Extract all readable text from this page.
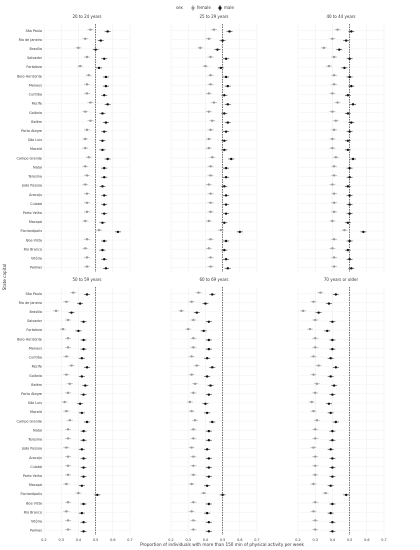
sex	female	male
State capital
Proportion of individuals with more than 150 min of physical activity per week
20 to 24 years
São Paulo
Rio de Janeiro
Brasília
Salvador
Fortaleza
Belo Horizonte
Manaus
Curitiba
Recife
Goiânia
Belém
Porto Alegre
São Luís
Maceió
Campo Grande
Natal
Teresina
João Pessoa
Aracaju
Cuiabá
Porto Velho
Macapá
Florianópolis
Boa Vista
Rio Branco
Vitória
Palmas
25 to 29 years	40 to 44 years
50 to 59 years
São Paulo
Rio de Janeiro
Brasília
Salvador
Fortaleza
Belo Horizonte
Manaus
Curitiba
Recife
Goiânia
Belém
Porto Alegre
São Luís
Maceió
Campo Grande
Natal
Teresina
João Pessoa
Aracaju
Cuiabá
Porto Velho
Macapá
Florianópolis
Boa Vista
Rio Branco
Vitória
Palmas
0.2	0.3	0.4	0.5	0.6	0.7
60 to 69 years
0.2	0.3	0.4	0.5	0.6	0.7
70 years or older
0.2	0.3	0.4	0.5	0.6	0.7
